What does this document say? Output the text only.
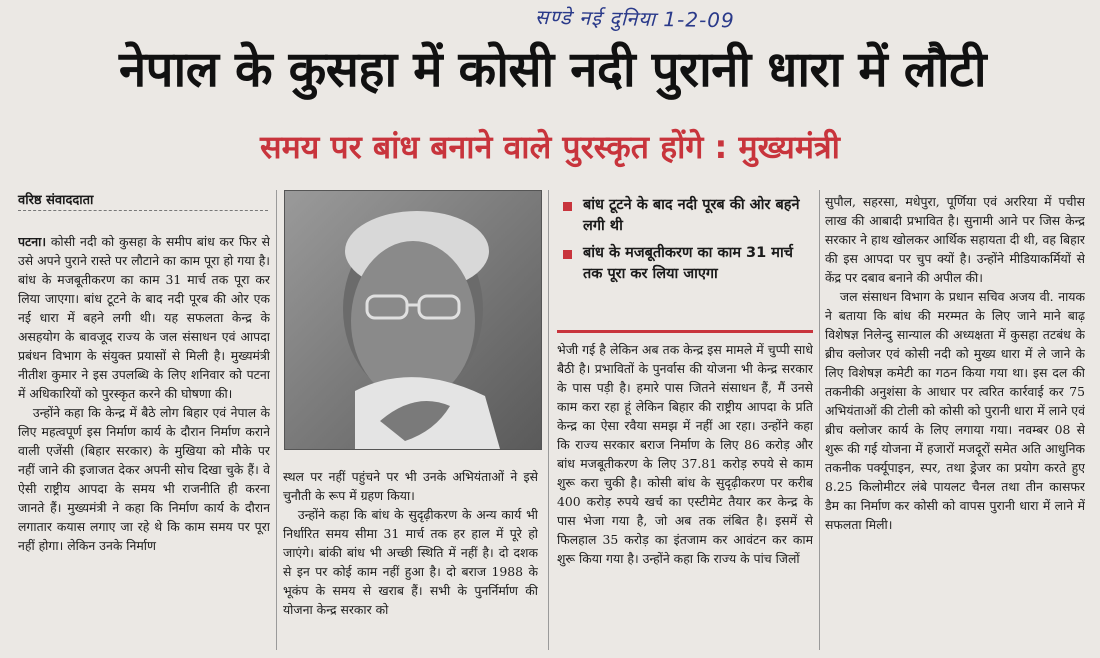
सण्डे नई दुनिया 1-2-09
नेपाल के कुसहा में कोसी नदी पुरानी धारा में लौटी
समय पर बांध बनाने वाले पुरस्कृत होंगे : मुख्यमंत्री
वरिष्ठ संवाददाता

पटना। कोसी नदी को कुसहा के समीप बांध कर फिर से उसे अपने पुराने रास्ते पर लौटाने का काम पूरा हो गया है। बांध के मजबूतीकरण का काम 31 मार्च तक पूरा कर लिया जाएगा। बांध टूटने के बाद नदी पूरब की ओर एक नई धारा में बहने लगी थी। यह सफलता केन्द्र के असहयोग के बावजूद राज्य के जल संसाधन एवं आपदा प्रबंधन विभाग के संयुक्त प्रयासों से मिली है। मुख्यमंत्री नीतीश कुमार ने इस उपलब्धि के लिए शनिवार को पटना में अधिकारियों को पुरस्कृत करने की घोषणा की।

उन्होंने कहा कि केन्द्र में बैठे लोग बिहार एवं नेपाल के लिए महत्वपूर्ण इस निर्माण कार्य के दौरान निर्माण कराने वाली एजेंसी (बिहार सरकार) के मुखिया को मौके पर नहीं जाने की इजाजत देकर अपनी सोच दिखा चुके हैं। वे ऐसी राष्ट्रीय आपदा के समय भी राजनीति ही करना जानते हैं। मुख्यमंत्री ने कहा कि निर्माण कार्य के दौरान लगातार कयास लगाए जा रहे थे कि काम समय पर पूरा नहीं होगा। लेकिन उनके निर्माण

स्थल पर नहीं पहुंचने पर भी उनके अभियंताओं ने इसे चुनौती के रूप में ग्रहण किया।

उन्होंने कहा कि बांध के सुदृढ़ीकरण के अन्य कार्य भी निर्धारित समय सीमा 31 मार्च तक हर हाल में पूरे हो जाएंगे। बांकी बांध भी अच्छी स्थिति में नहीं है। दो दशक से इन पर कोई काम नहीं हुआ है। दो बराज 1988 के भूकंप के समय से खराब हैं। सभी के पुनर्निर्माण की योजना केन्द्र सरकार को

बांध टूटने के बाद नदी पूरब की ओर बहने लगी थी
बांध के मजबूतीकरण का काम 31 मार्च तक पूरा कर लिया जाएगा

भेजी गई है लेकिन अब तक केन्द्र इस मामले में चुप्पी साधे बैठी है। प्रभावितों के पुनर्वास की योजना भी केन्द्र सरकार के पास पड़ी है। हमारे पास जितने संसाधन हैं, मैं उनसे काम करा रहा हूं लेकिन बिहार की राष्ट्रीय आपदा के प्रति केन्द्र का ऐसा रवैया समझ में नहीं आ रहा। उन्होंने कहा कि राज्य सरकार बराज निर्माण के लिए 86 करोड़ और बांध मजबूतीकरण के लिए 37.81 करोड़ रुपये से काम शुरू करा चुकी है। कोसी बांध के सुदृढ़ीकरण पर करीब 400 करोड़ रुपये खर्च का एस्टीमेट तैयार कर केन्द्र के पास भेजा गया है, जो अब तक लंबित है। इसमें से फिलहाल 35 करोड़ का इंतजाम कर आवंटन कर काम शुरू किया गया है। उन्होंने कहा कि राज्य के पांच जिलों

सुपौल, सहरसा, मधेपुरा, पूर्णिया एवं अररिया में पचीस लाख की आबादी प्रभावित है। सुनामी आने पर जिस केन्द्र सरकार ने हाथ खोलकर आर्थिक सहायता दी थी, वह बिहार की इस आपदा पर चुप क्यों है। उन्होंने मीडियाकर्मियों से केंद्र पर दबाव बनाने की अपील की।

जल संसाधन विभाग के प्रधान सचिव अजय वी. नायक ने बताया कि बांध की मरम्मत के लिए जाने माने बाढ़ विशेषज्ञ निलेन्दु सान्याल की अध्यक्षता में कुसहा तटबंध के ब्रीच क्लोजर एवं कोसी नदी को मुख्य धारा में ले जाने के लिए विशेषज्ञ कमेटी का गठन किया गया था। इस दल की तकनीकी अनुशंसा के आधार पर त्वरित कार्रवाई कर 75 अभियंताओं की टोली को कोसी को पुरानी धारा में लाने एवं ब्रीच क्लोजर कार्य के लिए लगाया गया। नवम्बर 08 से शुरू की गई योजना में हजारों मजदूरों समेत अति आधुनिक तकनीक पर्क्यूपाइन, स्पर, तथा ड्रेजर का प्रयोग करते हुए 8.25 किलोमीटर लंबे पायलट चैनल तथा तीन कासफर डैम का निर्माण कर कोसी को वापस पुरानी धारा में लाने में सफलता मिली।
